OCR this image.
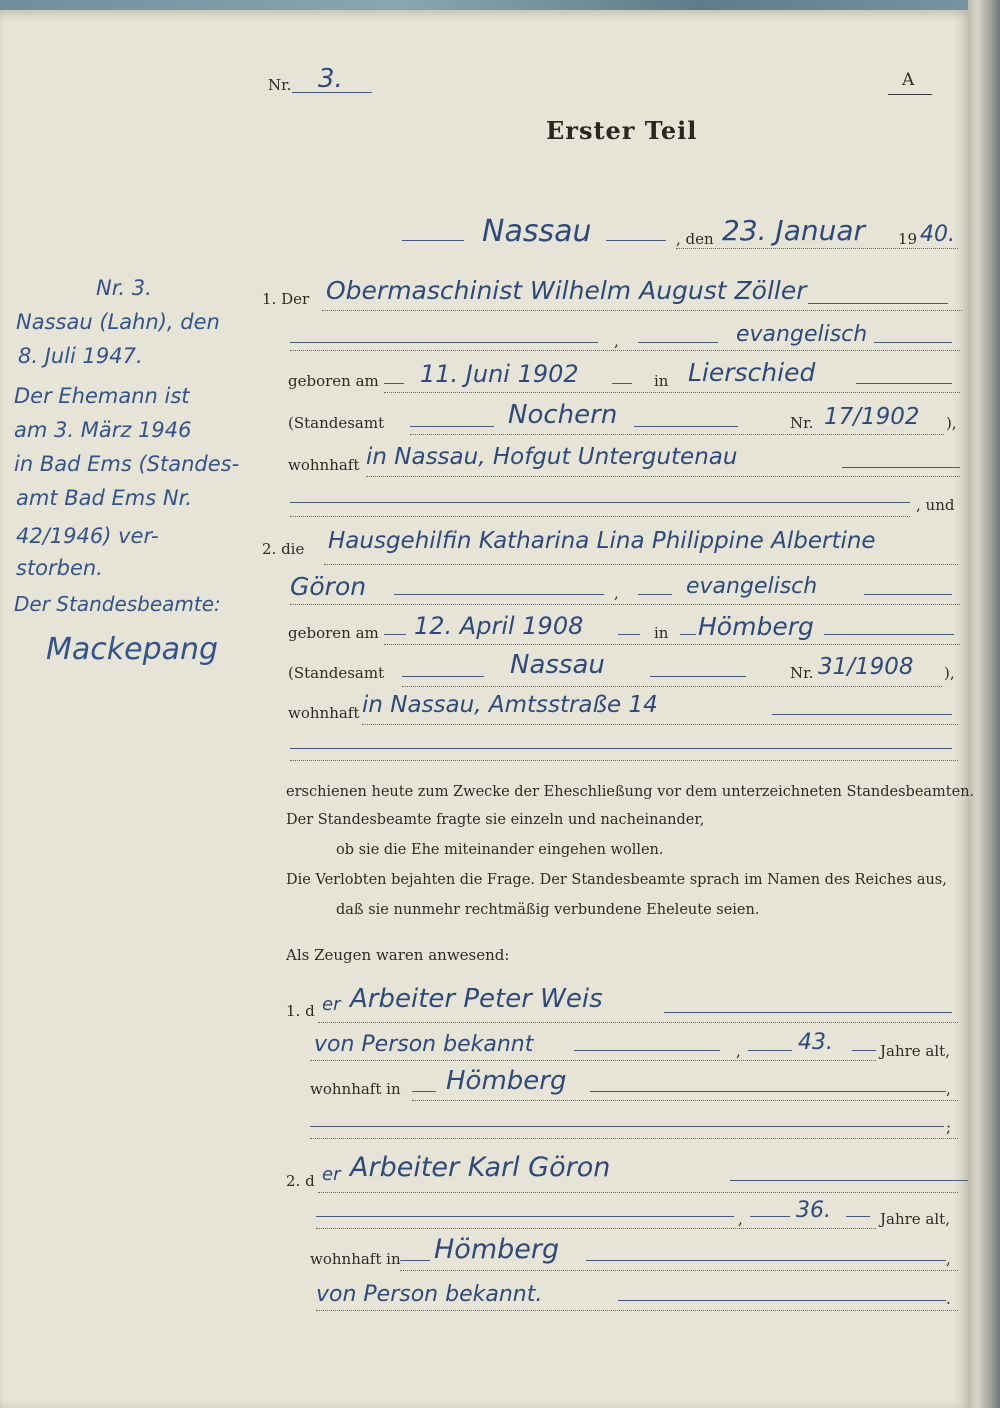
Nr. 3.	A
Erster Teil
Nassau	, den 23. Januar 19 40.
Nr. 3.
Nassau (Lahn), den
8. Juli 1947.
Der Ehemann ist
am 3. März 1946
in Bad Ems (Standes-
amt Bad Ems Nr.
42/1946) ver-
storben.
Der Standesbeamte:
Mackepang
1. Der Obermaschinist Wilhelm August Zöller
,	evangelisch
geboren am 11. Juni 1902	in Lierschied
(Standesamt	Nochern	Nr. 17/1902 ),
wohnhaft in Nassau, Hofgut Untergutenau
, und
2. die Hausgehilfin Katharina Lina Philippine Albertine
Göron	,	evangelisch
geboren am 12. April 1908	in Hömberg
(Standesamt	Nassau	Nr. 31/1908 ),
wohnhaft in Nassau, Amtsstraße 14
erschienen heute zum Zwecke der Eheschließung vor dem unterzeichneten Standesbeamten.
Der Standesbeamte fragte sie einzeln und nacheinander,
ob sie die Ehe miteinander eingehen wollen.
Die Verlobten bejahten die Frage. Der Standesbeamte sprach im Namen des Reiches aus,
daß sie nunmehr rechtmäßig verbundene Eheleute seien.
Als Zeugen waren anwesend:
1. d er Arbeiter Peter Weis
von Person bekannt	,	43.	Jahre alt,
wohnhaft in Hömberg	,
;
2. d er Arbeiter Karl Göron
, 36.	Jahre alt,
wohnhaft in Hömberg	,
von Person bekannt.	.
